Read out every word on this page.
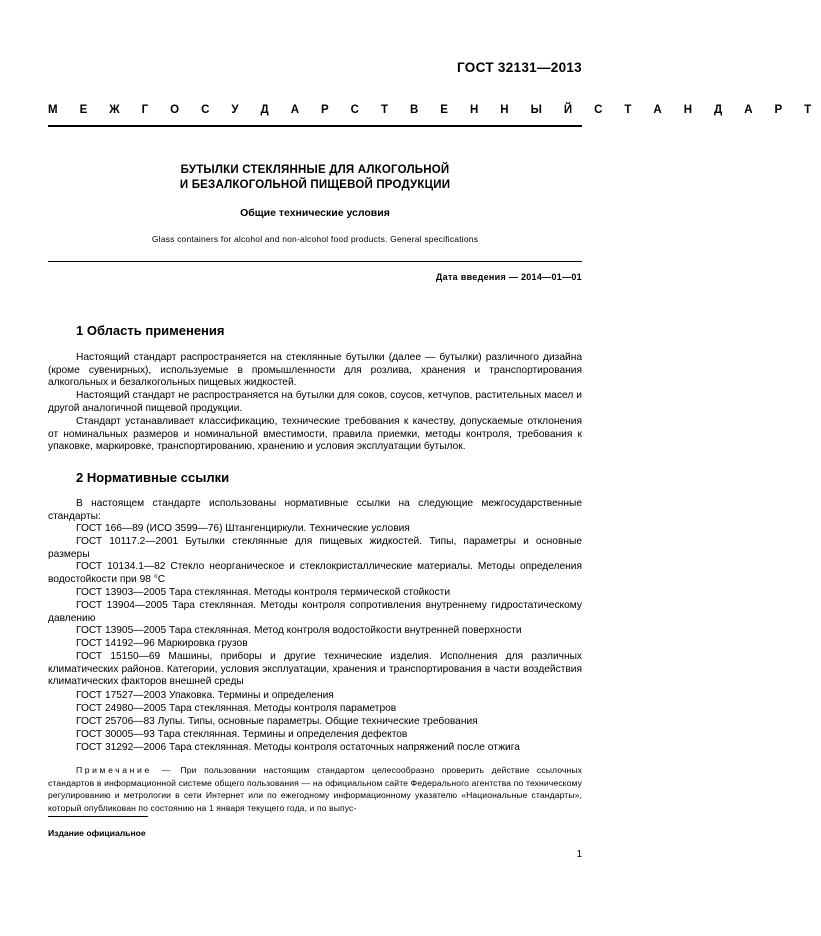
ГОСТ 32131—2013
М Е Ж Г О С У Д А Р С Т В Е Н Н Ы Й С Т А Н Д А Р Т
БУТЫЛКИ СТЕКЛЯННЫЕ ДЛЯ АЛКОГОЛЬНОЙ
И БЕЗАЛКОГОЛЬНОЙ ПИЩЕВОЙ ПРОДУКЦИИ
Общие технические условия
Glass containers for alcohol and non-alcohol food products. General specifications
Дата введения — 2014—01—01
1 Область применения

Настоящий стандарт распространяется на стеклянные бутылки (далее — бутылки) различного дизайна (кроме сувенирных), используемые в промышленности для розлива, хранения и транспортирования алкогольных и безалкогольных пищевых жидкостей.

Настоящий стандарт не распространяется на бутылки для соков, соусов, кетчупов, растительных масел и другой аналогичной пищевой продукции.

Стандарт устанавливает классификацию, технические требования к качеству, допускаемые отклонения от номинальных размеров и номинальной вместимости, правила приемки, методы контроля, требования к упаковке, маркировке, транспортированию, хранению и условия эксплуатации бутылок.

2 Нормативные ссылки

В настоящем стандарте использованы нормативные ссылки на следующие межгосударственные стандарты:

ГОСТ 166—89 (ИСО 3599—76) Штангенциркули. Технические условия

ГОСТ 10117.2—2001 Бутылки стеклянные для пищевых жидкостей. Типы, параметры и основные размеры

ГОСТ 10134.1—82 Стекло неорганическое и стеклокристаллические материалы. Методы определения водостойкости при 98 °С

ГОСТ 13903—2005 Тара стеклянная. Методы контроля термической стойкости

ГОСТ 13904—2005 Тара стеклянная. Методы контроля сопротивления внутреннему гидростатическому давлению

ГОСТ 13905—2005 Тара стеклянная. Метод контроля водостойкости внутренней поверхности

ГОСТ 14192—96 Маркировка грузов

ГОСТ 15150—69 Машины, приборы и другие технические изделия. Исполнения для различных климатических районов. Категории, условия эксплуатации, хранения и транспортирования в части воздействия климатических факторов внешней среды

ГОСТ 17527—2003 Упаковка. Термины и определения

ГОСТ 24980—2005 Тара стеклянная. Методы контроля параметров

ГОСТ 25706—83 Лупы. Типы, основные параметры. Общие технические требования

ГОСТ 30005—93 Тара стеклянная. Термины и определения дефектов

ГОСТ 31292—2006 Тара стеклянная. Методы контроля остаточных напряжений после отжига

Примечание — При пользовании настоящим стандартом целесообразно проверить действие ссылочных стандартов в информационной системе общего пользования — на официальном сайте Федерального агентства по техническому регулированию и метрологии в сети Интернет или по ежегодному информационному указателю «Национальные стандарты», который опубликован по состоянию на 1 января текущего года, и по выпус-

Издание официальное
1
